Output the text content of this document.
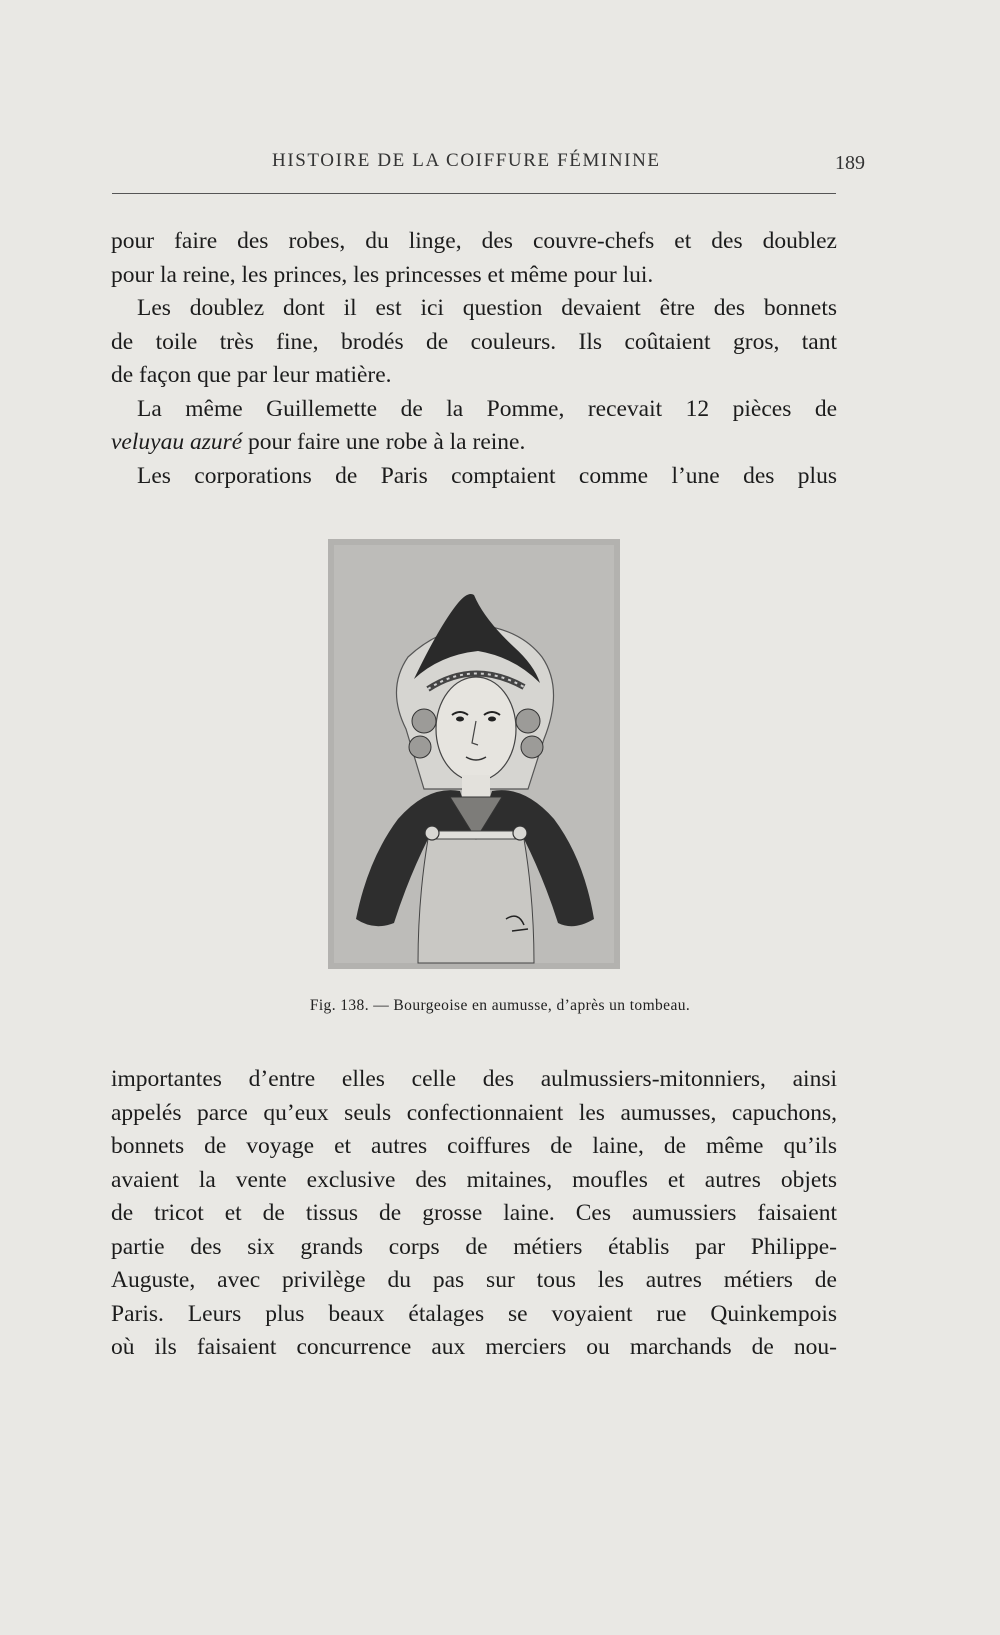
HISTOIRE DE LA COIFFURE FÉMININE	189
pour faire des robes, du linge, des couvre-chefs et des doublez
pour la reine, les princes, les princesses et même pour lui.
Les doublez dont il est ici question devaient être des bonnets
de toile très fine, brodés de couleurs. Ils coûtaient gros, tant
de façon que par leur matière.
La même Guillemette de la Pomme, recevait 12 pièces de
veluyau azuré pour faire une robe à la reine.
Les corporations de Paris comptaient comme l’une des plus
Fig. 138. — Bourgeoise en aumusse, d’après un tombeau.
importantes d’entre elles celle des aulmussiers-mitonniers, ainsi
appelés parce qu’eux seuls confectionnaient les aumusses, capuchons,
bonnets de voyage et autres coiffures de laine, de même qu’ils
avaient la vente exclusive des mitaines, moufles et autres objets
de tricot et de tissus de grosse laine. Ces aumussiers faisaient
partie des six grands corps de métiers établis par Philippe-
Auguste, avec privilège du pas sur tous les autres métiers de
Paris. Leurs plus beaux étalages se voyaient rue Quinkempois
où ils faisaient concurrence aux merciers ou marchands de nou-
